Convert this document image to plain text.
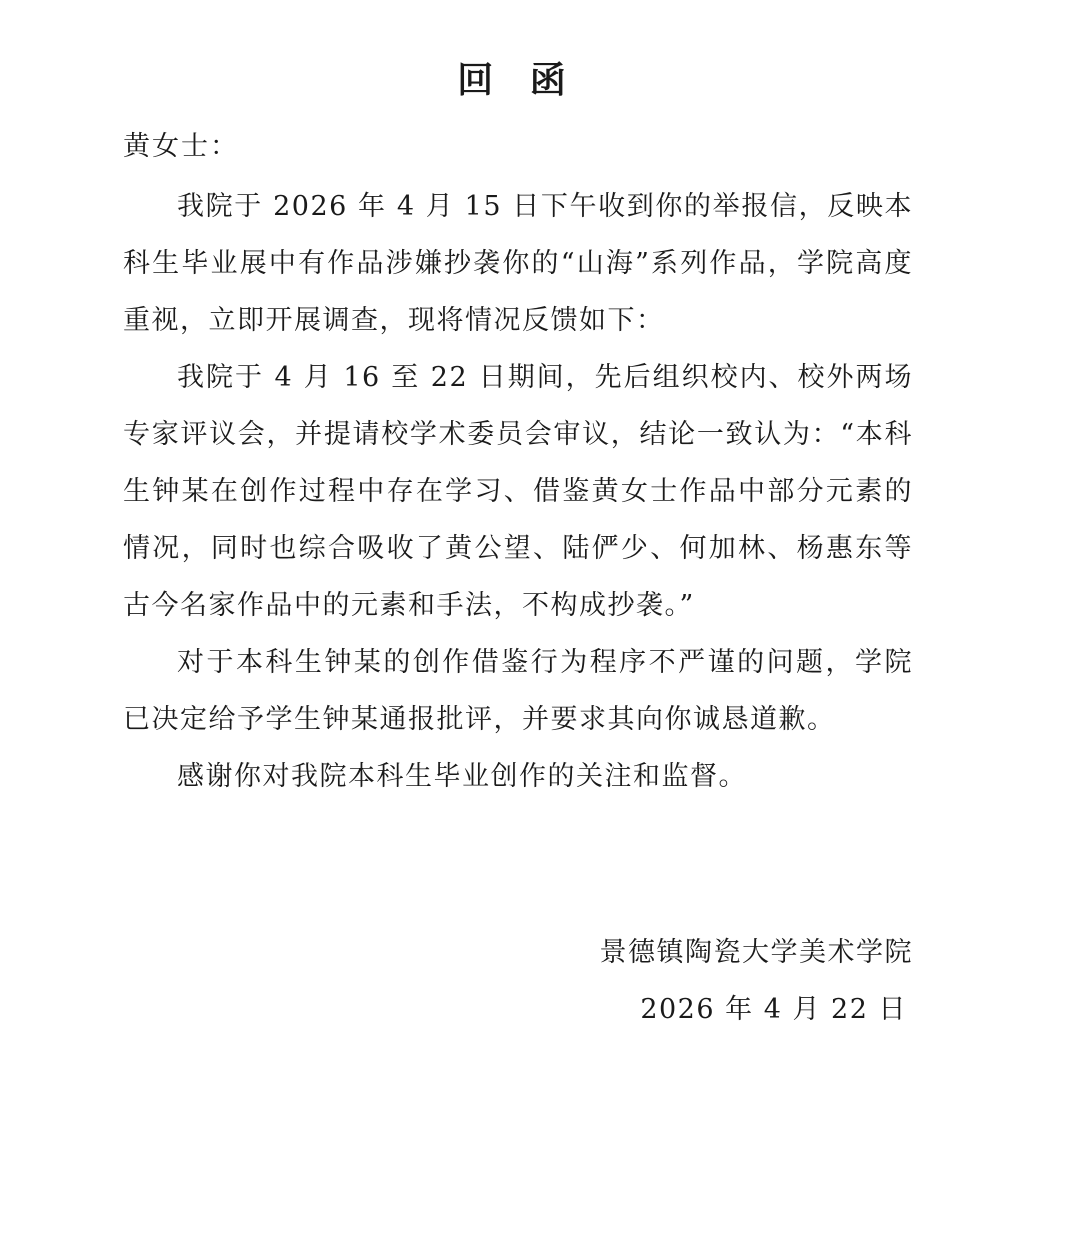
回 函
黄女士：

我院于 2026 年 4 月 15 日下午收到你的举报信，反映本科生毕业展中有作品涉嫌抄袭你的“山海”系列作品，学院高度重视，立即开展调查，现将情况反馈如下：

我院于 4 月 16 至 22 日期间，先后组织校内、校外两场专家评议会，并提请校学术委员会审议，结论一致认为：“本科生钟某在创作过程中存在学习、借鉴黄女士作品中部分元素的情况，同时也综合吸收了黄公望、陆俨少、何加林、杨惠东等古今名家作品中的元素和手法，不构成抄袭。”

对于本科生钟某的创作借鉴行为程序不严谨的问题，学院已决定给予学生钟某通报批评，并要求其向你诚恳道歉。

感谢你对我院本科生毕业创作的关注和监督。

景德镇陶瓷大学美术学院
2026 年 4 月 22 日
